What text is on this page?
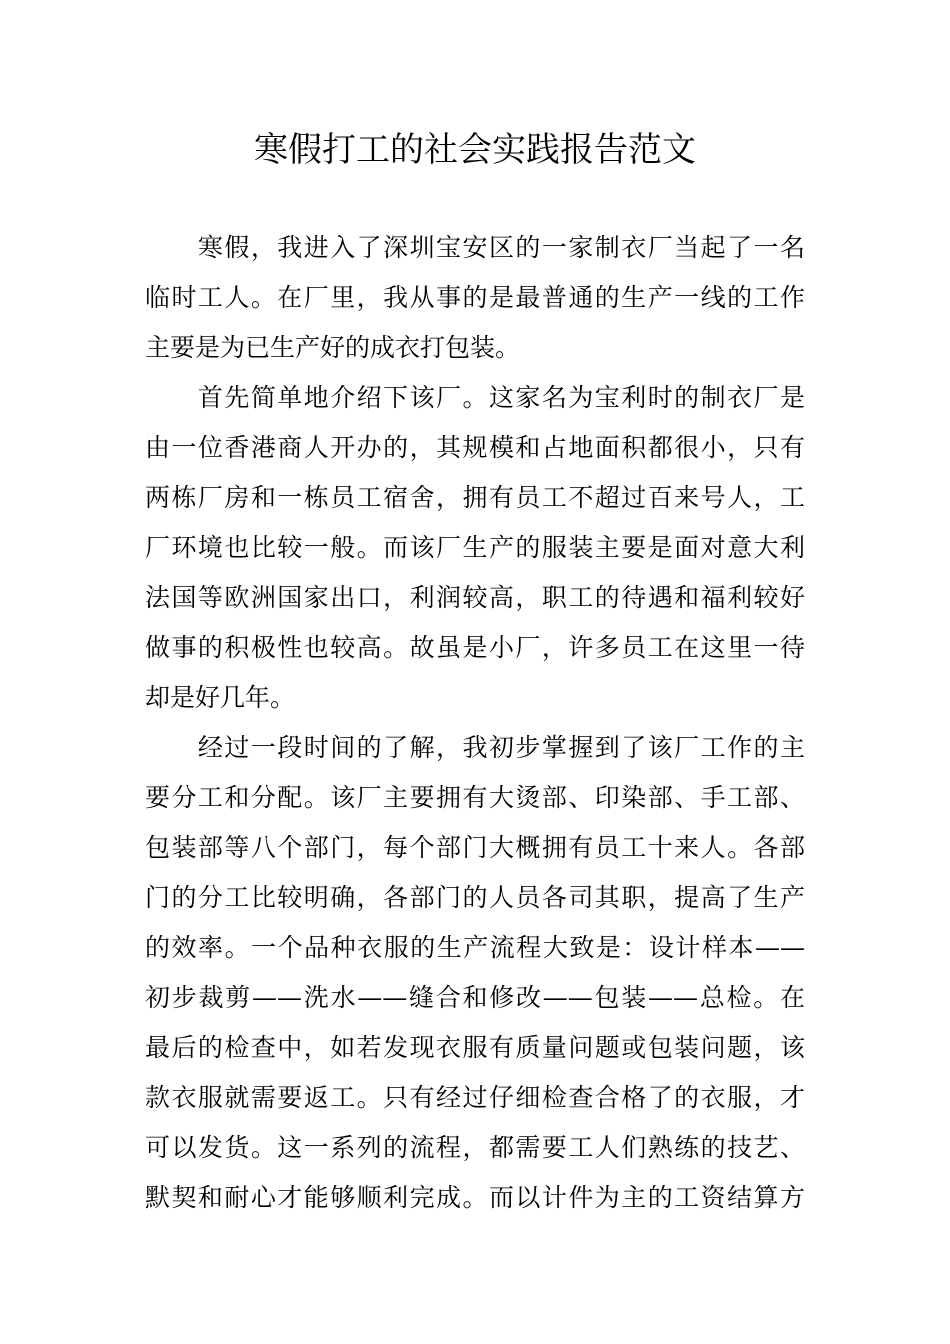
寒假打工的社会实践报告范文

　　寒假，我进入了深圳宝安区的一家制衣厂当起了一名
临时工人。在厂里，我从事的是最普通的生产一线的工作
主要是为已生产好的成衣打包装。

　　首先简单地介绍下该厂。这家名为宝利时的制衣厂是
由一位香港商人开办的，其规模和占地面积都很小，只有
两栋厂房和一栋员工宿舍，拥有员工不超过百来号人，工
厂环境也比较一般。而该厂生产的服装主要是面对意大利
法国等欧洲国家出口，利润较高，职工的待遇和福利较好
做事的积极性也较高。故虽是小厂，许多员工在这里一待
却是好几年。

　　经过一段时间的了解，我初步掌握到了该厂工作的主
要分工和分配。该厂主要拥有大烫部、印染部、手工部、
包装部等八个部门，每个部门大概拥有员工十来人。各部
门的分工比较明确，各部门的人员各司其职，提高了生产
的效率。一个品种衣服的生产流程大致是：设计样本——
初步裁剪——洗水——缝合和修改——包装——总检。在
最后的检查中，如若发现衣服有质量问题或包装问题，该
款衣服就需要返工。只有经过仔细检查合格了的衣服，才
可以发货。这一系列的流程，都需要工人们熟练的技艺、
默契和耐心才能够顺利完成。而以计件为主的工资结算方
